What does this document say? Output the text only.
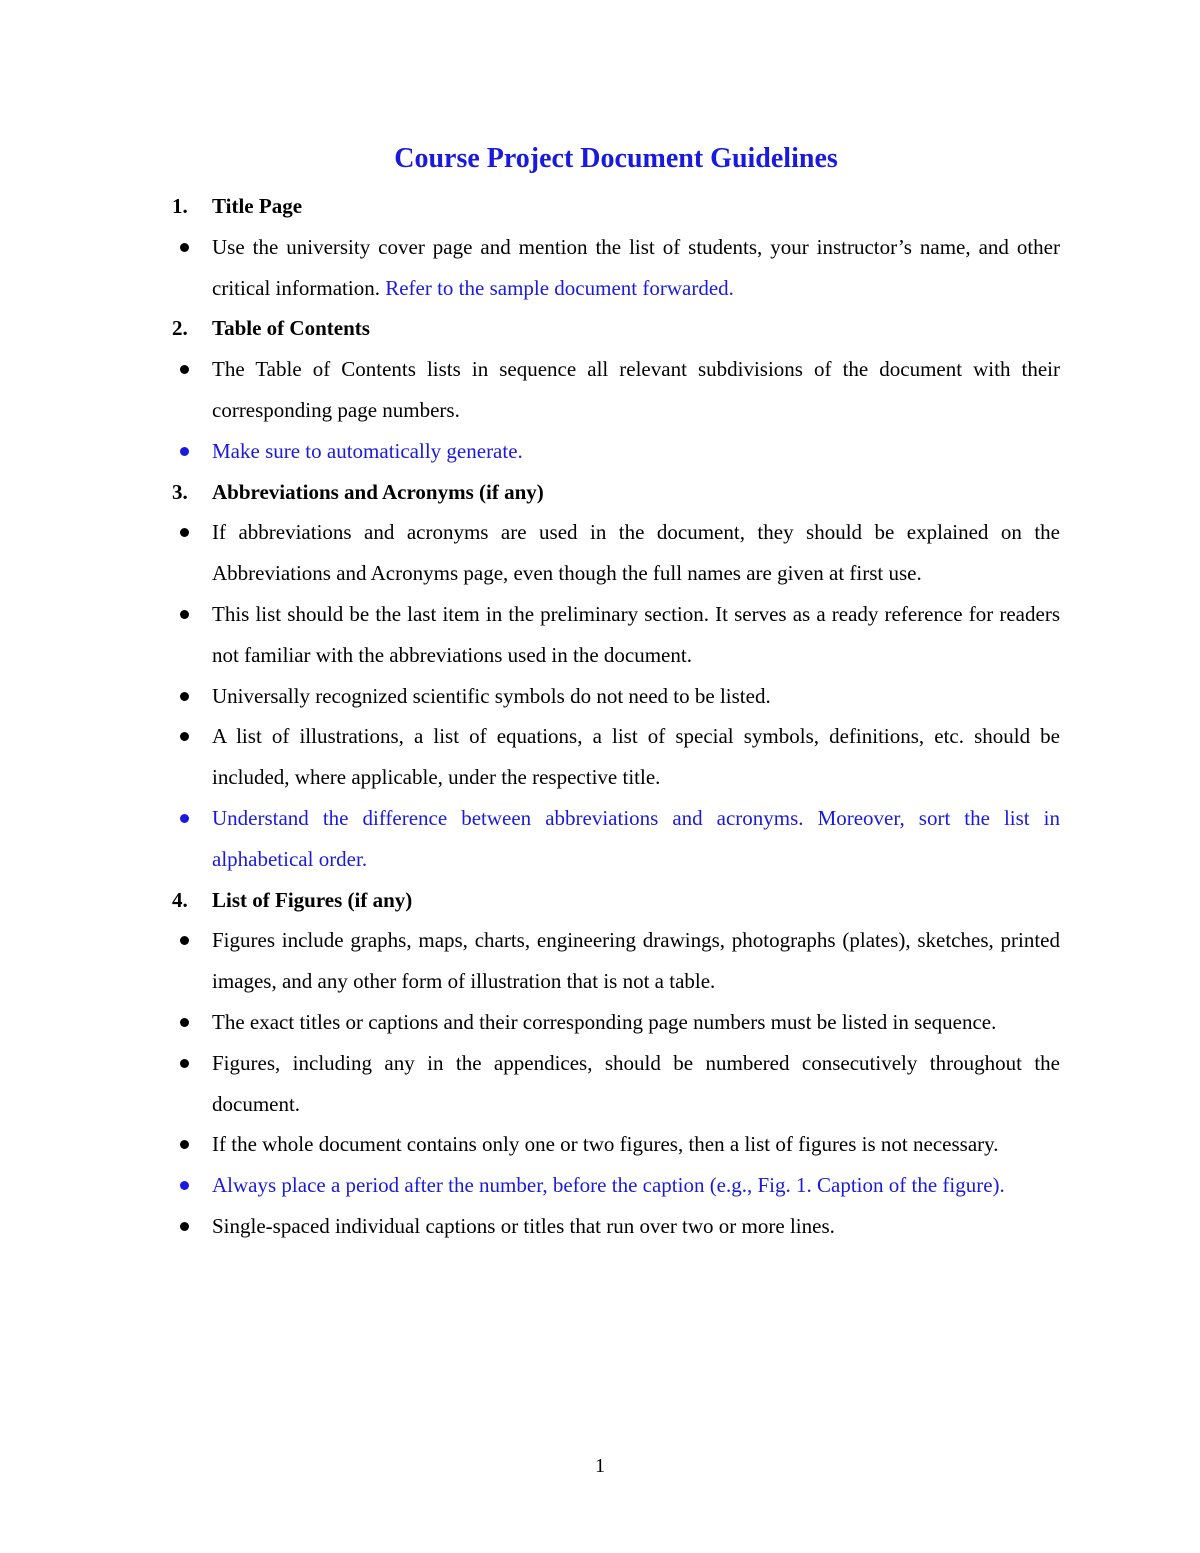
Course Project Document Guidelines
1.	Title Page
Use the university cover page and mention the list of students, your instructor’s name, and other critical information. Refer to the sample document forwarded.
2.	Table of Contents
The Table of Contents lists in sequence all relevant subdivisions of the document with their corresponding page numbers.
Make sure to automatically generate.
3.	Abbreviations and Acronyms (if any)
If abbreviations and acronyms are used in the document, they should be explained on the Abbreviations and Acronyms page, even though the full names are given at first use.
This list should be the last item in the preliminary section. It serves as a ready reference for readers not familiar with the abbreviations used in the document.
Universally recognized scientific symbols do not need to be listed.
A list of illustrations, a list of equations, a list of special symbols, definitions, etc. should be included, where applicable, under the respective title.
Understand the difference between abbreviations and acronyms. Moreover, sort the list in alphabetical order.
4.	List of Figures (if any)
Figures include graphs, maps, charts, engineering drawings, photographs (plates), sketches, printed images, and any other form of illustration that is not a table.
The exact titles or captions and their corresponding page numbers must be listed in sequence.
Figures, including any in the appendices, should be numbered consecutively throughout the document.
If the whole document contains only one or two figures, then a list of figures is not necessary.
Always place a period after the number, before the caption (e.g., Fig. 1. Caption of the figure).
Single-spaced individual captions or titles that run over two or more lines.
1
